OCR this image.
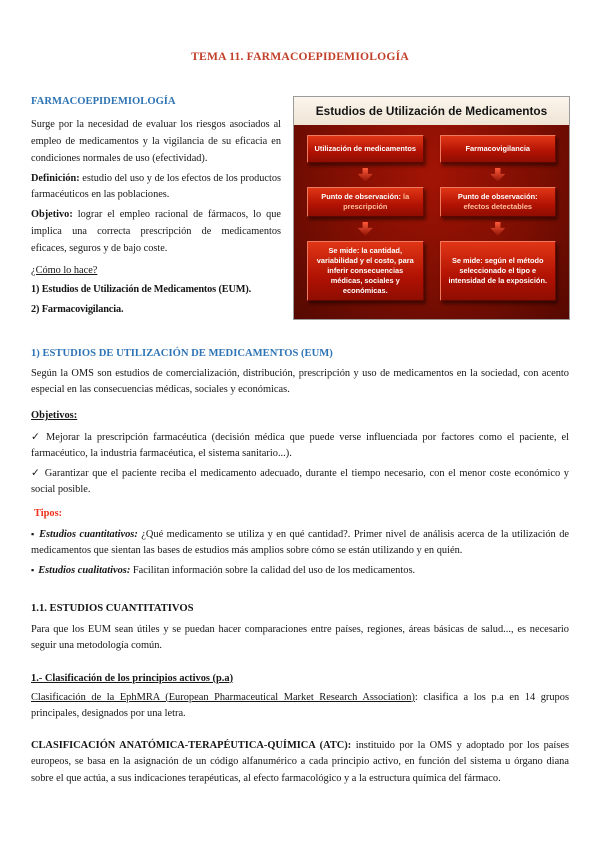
TEMA 11. FARMACOEPIDEMIOLOGÍA
FARMACOEPIDEMIOLOGÍA

Surge por la necesidad de evaluar los riesgos asociados al empleo de medicamentos y la vigilancia de su eficacia en condiciones normales de uso (efectividad).

Definición: estudio del uso y de los efectos de los productos farmacéuticos en las poblaciones.

Objetivo: lograr el empleo racional de fármacos, lo que implica una correcta prescripción de medicamentos eficaces, seguros y de bajo coste.

¿Cómo lo hace?

1) Estudios de Utilización de Medicamentos (EUM).

2) Farmacovigilancia.

Estudios de Utilización de Medicamentos
Utilización de medicamentos
Punto de observación: la prescripción
Se mide: la cantidad, variabilidad y el costo, para inferir consecuencias médicas, sociales y económicas.
Farmacovigilancia
Punto de observación: efectos detectables
Se mide: según el método seleccionado el tipo e intensidad de la exposición.
1) ESTUDIOS DE UTILIZACIÓN DE MEDICAMENTOS (EUM)

Según la OMS son estudios de comercialización, distribución, prescripción y uso de medicamentos en la sociedad, con acento especial en las consecuencias médicas, sociales y económicas.

Objetivos:

✓ Mejorar la prescripción farmacéutica (decisión médica que puede verse influenciada por factores como el paciente, el farmacéutico, la industria farmacéutica, el sistema sanitario...).

✓ Garantizar que el paciente reciba el medicamento adecuado, durante el tiempo necesario, con el menor coste económico y social posible.

Tipos:

▪ Estudios cuantitativos: ¿Qué medicamento se utiliza y en qué cantidad?. Primer nivel de análisis acerca de la utilización de medicamentos que sientan las bases de estudios más amplios sobre cómo se están utilizando y en quién.

▪ Estudios cualitativos: Facilitan información sobre la calidad del uso de los medicamentos.

1.1. ESTUDIOS CUANTITATIVOS

Para que los EUM sean útiles y se puedan hacer comparaciones entre países, regiones, áreas básicas de salud..., es necesario seguir una metodología común.

1.- Clasificación de los principios activos (p.a)

Clasificación de la EphMRA (European Pharmaceutical Market Research Association): clasifica a los p.a en 14 grupos principales, designados por una letra.

CLASIFICACIÓN ANATÓMICA-TERAPÉUTICA-QUÍMICA (ATC): instituido por la OMS y adoptado por los países europeos, se basa en la asignación de un código alfanumérico a cada principio activo, en función del sistema u órgano diana sobre el que actúa, a sus indicaciones terapéuticas, al efecto farmacológico y a la estructura química del fármaco.
